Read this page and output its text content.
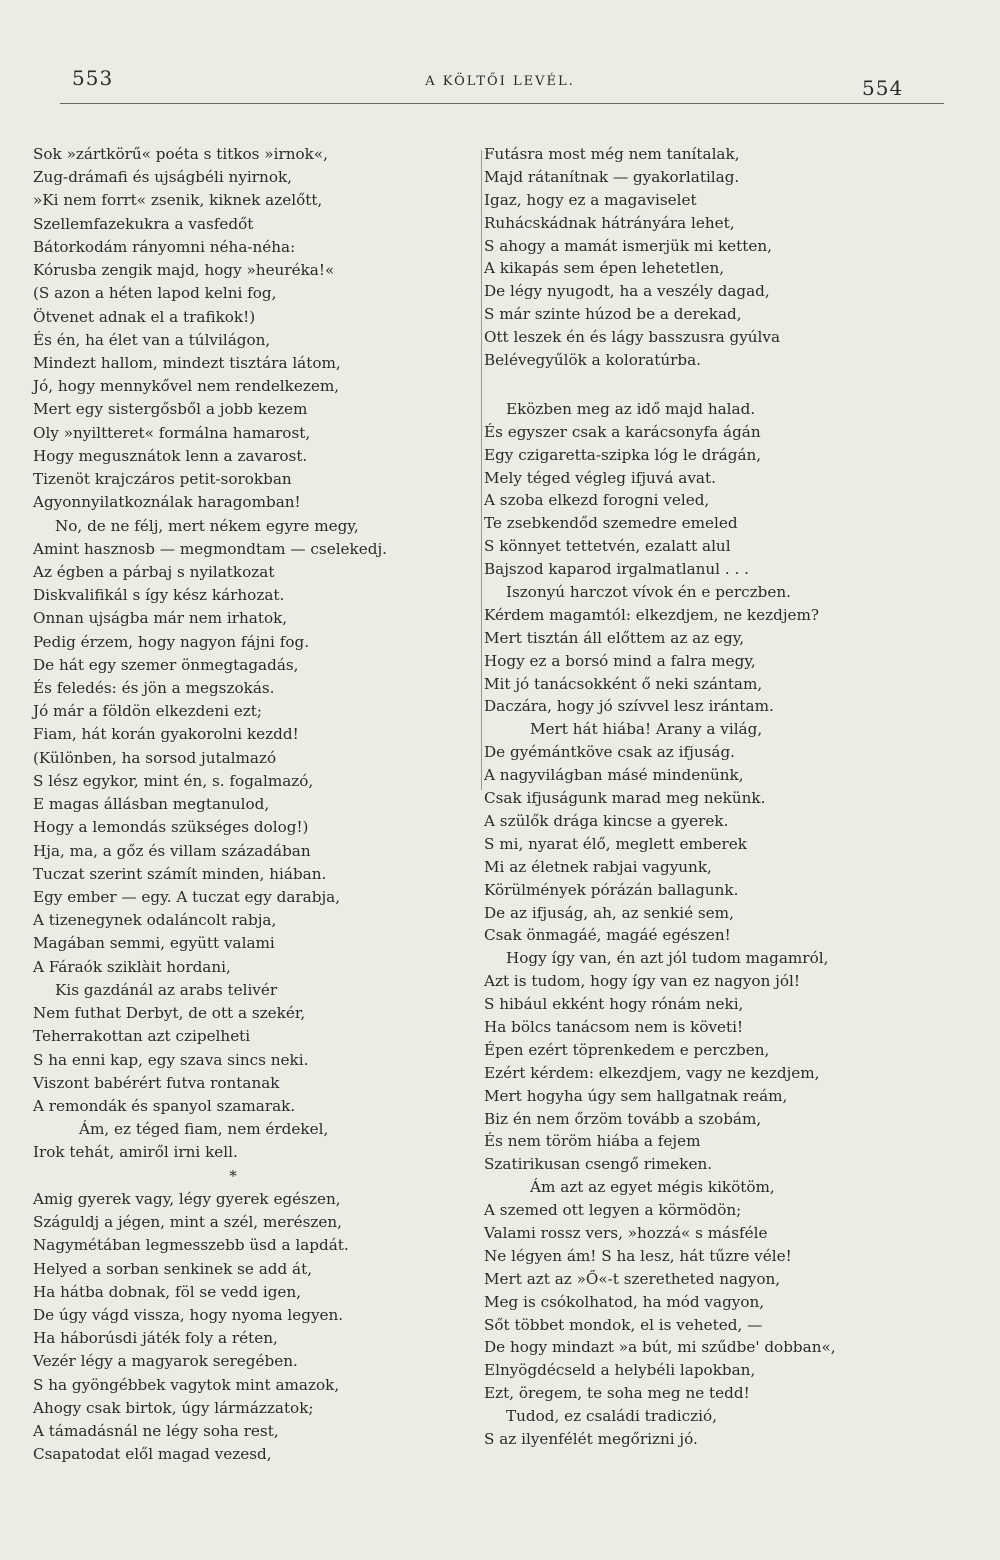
553	A KÖLTŐI LEVÉL.	554
Sok »zártkörű« poéta s titkos »irnok«,
Zug-drámafi és ujságbéli nyirnok,
»Ki nem forrt« zsenik, kiknek azelőtt,
Szellemfazekukra a vasfedőt
Bátorkodám rányomni néha-néha:
Kórusba zengik majd, hogy »heuréka!«
(S azon a héten lapod kelni fog,
Ötvenet adnak el a trafikok!)
És én, ha élet van a túlvilágon,
Mindezt hallom, mindezt tisztára látom,
Jó, hogy mennykővel nem rendelkezem,
Mert egy sistergősből a jobb kezem
Oly »nyiltteret« formálna hamarost,
Hogy megusznátok lenn a zavarost.
Tizenöt krajczáros petit-sorokban
Agyonnyilatkoználak haragomban!
No, de ne félj, mert nékem egyre megy,
Amint hasznosb — megmondtam — cselekedj.
Az égben a párbaj s nyilatkozat
Diskvalifikál s így kész kárhozat.
Onnan ujságba már nem irhatok,
Pedig érzem, hogy nagyon fájni fog.
De hát egy szemer önmegtagadás,
És feledés: és jön a megszokás.
Jó már a földön elkezdeni ezt;
Fiam, hát korán gyakorolni kezdd!
(Különben, ha sorsod jutalmazó
S lész egykor, mint én, s. fogalmazó,
E magas állásban megtanulod,
Hogy a lemondás szükséges dolog!)
Hja, ma, a gőz és villam századában
Tuczat szerint számít minden, hiában.
Egy ember — egy. A tuczat egy darabja,
A tizenegynek odaláncolt rabja,
Magában semmi, együtt valami
A Fáraók sziklàit hordani,
Kis gazdánál az arabs telivér
Nem futhat Derbyt, de ott a szekér,
Teherrakottan azt czipelheti
S ha enni kap, egy szava sincs neki.
Viszont babérért futva rontanak
A remondák és spanyol szamarak.
Ám, ez téged fiam, nem érdekel,
Irok tehát, amiről irni kell.
*
Amig gyerek vagy, légy gyerek egészen,
Száguldj a jégen, mint a szél, merészen,
Nagymétában legmesszebb üsd a lapdát.
Helyed a sorban senkinek se add át,
Ha hátba dobnak, föl se vedd igen,
De úgy vágd vissza, hogy nyoma legyen.
Ha háborúsdi játék foly a réten,
Vezér légy a magyarok seregében.
S ha gyöngébbek vagytok mint amazok,
Ahogy csak birtok, úgy lármázzatok;
A támadásnál ne légy soha rest,
Csapatodat elől magad vezesd,
Futásra most még nem tanítalak,
Majd rátanítnak — gyakorlatilag.
Igaz, hogy ez a magaviselet
Ruhácskádnak hátrányára lehet,
S ahogy a mamát ismerjük mi ketten,
A kikapás sem épen lehetetlen,
De légy nyugodt, ha a veszély dagad,
S már szinte húzod be a derekad,
Ott leszek én és lágy basszusra gyúlva
Belévegyűlök a koloratúrba.
Eközben meg az idő majd halad.
És egyszer csak a karácsonyfa ágán
Egy czigaretta-szipka lóg le drágán,
Mely téged végleg ifjuvá avat.
A szoba elkezd forogni veled,
Te zsebkendőd szemedre emeled
S könnyet tettetvén, ezalatt alul
Bajszod kaparod irgalmatlanul . . .
Iszonyú harczot vívok én e perczben.
Kérdem magamtól: elkezdjem, ne kezdjem?
Mert tisztán áll előttem az az egy,
Hogy ez a borsó mind a falra megy,
Mit jó tanácsokként ő neki szántam,
Daczára, hogy jó szívvel lesz irántam.
Mert hát hiába! Arany a világ,
De gyémántköve csak az ifjuság.
A nagyvilágban másé mindenünk,
Csak ifjuságunk marad meg nekünk.
A szülők drága kincse a gyerek.
S mi, nyarat élő, meglett emberek
Mi az életnek rabjai vagyunk,
Körülmények pórázán ballagunk.
De az ifjuság, ah, az senkié sem,
Csak önmagáé, magáé egészen!
Hogy így van, én azt jól tudom magamról,
Azt is tudom, hogy így van ez nagyon jól!
S hibául ekként hogy rónám neki,
Ha bölcs tanácsom nem is követi!
Épen ezért töprenkedem e perczben,
Ezért kérdem: elkezdjem, vagy ne kezdjem,
Mert hogyha úgy sem hallgatnak reám,
Biz én nem őrzöm tovább a szobám,
És nem töröm hiába a fejem
Szatirikusan csengő rimeken.
Ám azt az egyet mégis kikötöm,
A szemed ott legyen a körmödön;
Valami rossz vers, »hozzá« s másféle
Ne légyen ám! S ha lesz, hát tűzre véle!
Mert azt az »Ő«-t szeretheted nagyon,
Meg is csókolhatod, ha mód vagyon,
Sőt többet mondok, el is veheted, —
De hogy mindazt »a bút, mi szűdbe' dobban«,
Elnyögdécseld a helybéli lapokban,
Ezt, öregem, te soha meg ne tedd!
Tudod, ez családi tradiczió,
S az ilyenfélét megőrizni jó.
